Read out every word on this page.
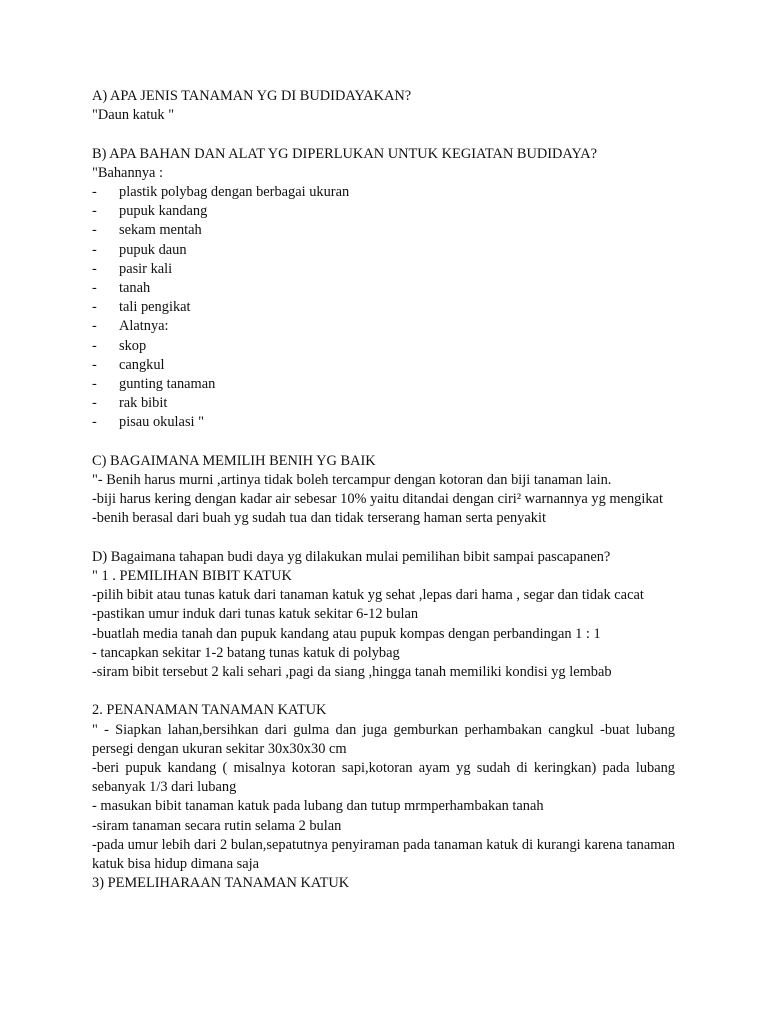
A) APA JENIS TANAMAN YG DI BUDIDAYAKAN?
"Daun katuk "
B) APA BAHAN DAN ALAT YG DIPERLUKAN UNTUK KEGIATAN BUDIDAYA?
"Bahannya :
-	plastik polybag dengan berbagai ukuran
-	pupuk kandang
-	sekam mentah
-	pupuk daun
-	pasir kali
-	tanah
-	tali pengikat
-	Alatnya:
-	skop
-	cangkul
-	gunting tanaman
-	rak bibit
-	pisau okulasi "
C) BAGAIMANA MEMILIH BENIH YG BAIK
"- Benih harus murni ,artinya tidak boleh tercampur dengan kotoran dan biji tanaman lain.
-biji harus kering dengan kadar air sebesar 10% yaitu ditandai dengan ciri² warnannya yg mengikat
-benih berasal dari buah yg sudah tua dan tidak terserang haman serta penyakit
D) Bagaimana tahapan budi daya yg dilakukan mulai pemilihan bibit sampai pascapanen?
" 1 . PEMILIHAN BIBIT KATUK
-pilih bibit atau tunas katuk dari tanaman katuk yg sehat ,lepas dari hama , segar dan tidak cacat
-pastikan umur induk dari tunas katuk sekitar 6-12 bulan
-buatlah media tanah dan pupuk kandang atau pupuk kompas dengan perbandingan 1 : 1
- tancapkan sekitar 1-2 batang tunas katuk di polybag
-siram bibit tersebut 2 kali sehari ,pagi da siang ,hingga tanah memiliki kondisi yg lembab
2. PENANAMAN TANAMAN KATUK
" - Siapkan lahan,bersihkan dari gulma dan juga gemburkan perhambakan cangkul -buat lubang persegi dengan ukuran sekitar 30x30x30 cm
-beri pupuk kandang ( misalnya kotoran sapi,kotoran ayam yg sudah di keringkan) pada lubang sebanyak 1/3 dari lubang
- masukan bibit tanaman katuk pada lubang dan tutup mrmperhambakan tanah
-siram tanaman secara rutin selama 2 bulan
-pada umur lebih dari 2 bulan,sepatutnya penyiraman pada tanaman katuk di kurangi karena tanaman katuk bisa hidup dimana saja
3) PEMELIHARAAN TANAMAN KATUK
